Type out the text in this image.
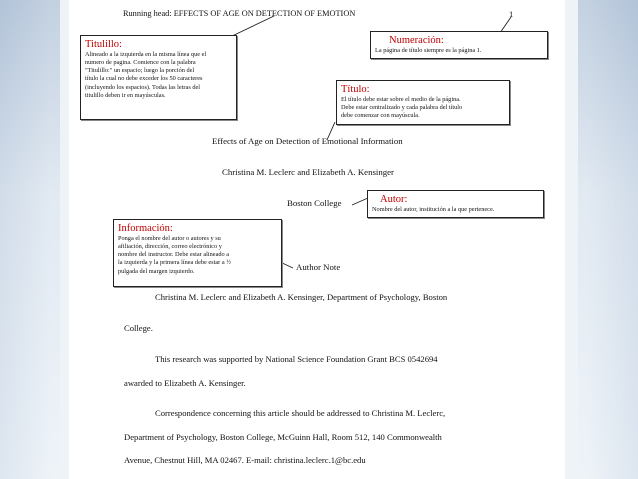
Running head: EFFECTS OF AGE ON DETECTION OF EMOTION	1
Effects of Age on Detection of Emotional Information
Christina M. Leclerc and Elizabeth A. Kensinger
Boston College
Author Note
Christina M. Leclerc and Elizabeth A. Kensinger, Department of Psychology, Boston
College.
This research was supported by National Science Foundation Grant BCS 0542694
awarded to Elizabeth A. Kensinger.
Correspondence concerning this article should be addressed to Christina M. Leclerc,
Department of Psychology, Boston College, McGuinn Hall, Room 512, 140 Commonwealth
Avenue, Chestnut Hill, MA 02467. E-mail: christina.leclerc.1@bc.edu
Titulillo:
Alineado a la izquierda en la misma línea que el
numero de pagina. Comience con la palabra
"Titulillo:" un espacio; luego la porción del
título la cual no debe exceder los 50 caracteres
(incluyendo los espacios). Todas las letras del
titulillo deben ir en mayúsculas.
Numeración:
La página de título siempre es la página 1.
Título:
El título debe estar sobre el medio de la página.
Debe estar centralizado y cada palabra del título
debe comenzar con mayúscula.
Autor:
Nombre del autor, institución a la que pertenece.
Información:
Ponga el nombre del autor o autores y su
afiliación, dirección, correo electrónico y
nombre del instructor. Debe estar alineado a
la izquierda y la primera línea debe estar a ½
pulgada del margen izquierdo.
